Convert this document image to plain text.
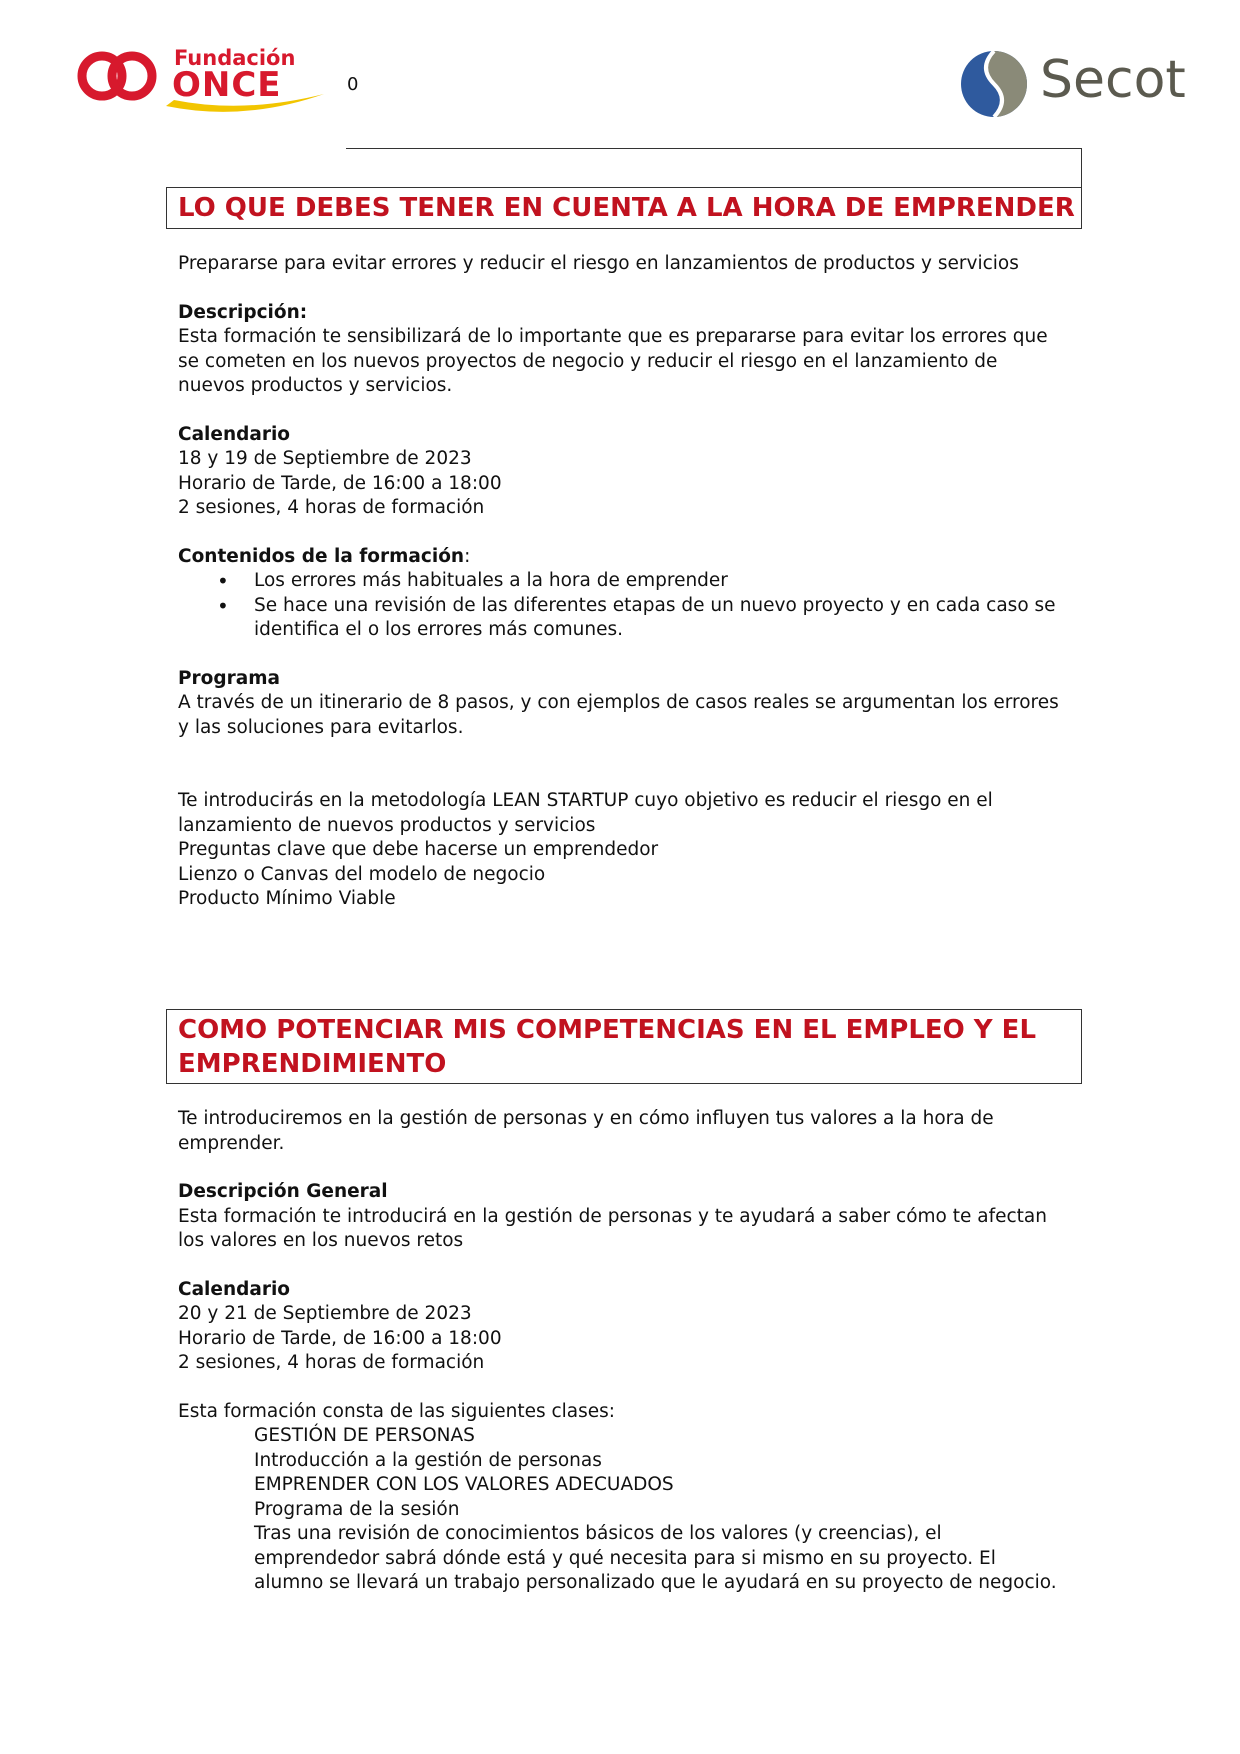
Fundación
ONCE	0	Secot

LO QUE DEBES TENER EN CUENTA A LA HORA DE EMPRENDER

Prepararse para evitar errores y reducir el riesgo en lanzamientos de productos y servicios

Descripción:

Esta formación te sensibilizará de lo importante que es prepararse para evitar los errores que

se cometen en los nuevos proyectos de negocio y reducir el riesgo en el lanzamiento de

nuevos productos y servicios.

Calendario

18 y 19 de Septiembre de 2023

Horario de Tarde, de 16:00 a 18:00

2 sesiones, 4 horas de formación

Contenidos de la formación:

• Los errores más habituales a la hora de emprender
• Se hace una revisión de las diferentes etapas de un nuevo proyecto y en cada caso se
identifica el o los errores más comunes.

Programa

A través de un itinerario de 8 pasos, y con ejemplos de casos reales se argumentan los errores

y las soluciones para evitarlos.

Te introducirás en la metodología LEAN STARTUP cuyo objetivo es reducir el riesgo en el

lanzamiento de nuevos productos y servicios

Preguntas clave que debe hacerse un emprendedor

Lienzo o Canvas del modelo de negocio

Producto Mínimo Viable

COMO POTENCIAR MIS COMPETENCIAS EN EL EMPLEO Y EL

EMPRENDIMIENTO

Te introduciremos en la gestión de personas y en cómo influyen tus valores a la hora de

emprender.

Descripción General

Esta formación te introducirá en la gestión de personas y te ayudará a saber cómo te afectan

los valores en los nuevos retos

Calendario

20 y 21 de Septiembre de 2023

Horario de Tarde, de 16:00 a 18:00

2 sesiones, 4 horas de formación

Esta formación consta de las siguientes clases:

GESTIÓN DE PERSONAS

Introducción a la gestión de personas

EMPRENDER CON LOS VALORES ADECUADOS

Programa de la sesión

Tras una revisión de conocimientos básicos de los valores (y creencias), el

emprendedor sabrá dónde está y qué necesita para si mismo en su proyecto. El

alumno se llevará un trabajo personalizado que le ayudará en su proyecto de negocio.
